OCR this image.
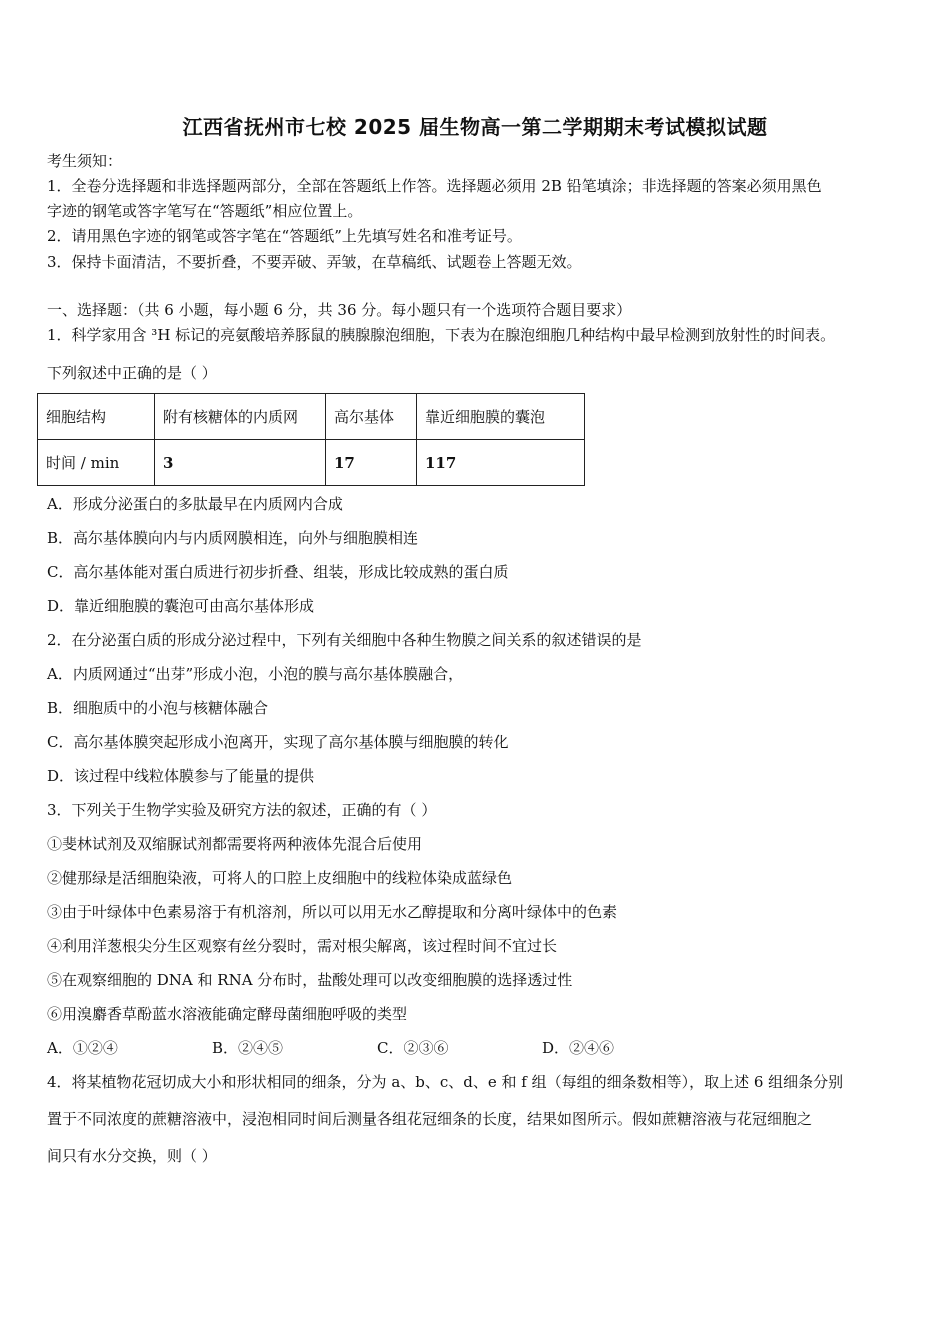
江西省抚州市七校 2025 届生物高一第二学期期末考试模拟试题
考生须知：
1．全卷分选择题和非选择题两部分，全部在答题纸上作答。选择题必须用 2B 铅笔填涂；非选择题的答案必须用黑色
字迹的钢笔或答字笔写在“答题纸”相应位置上。
2．请用黑色字迹的钢笔或答字笔在“答题纸”上先填写姓名和准考证号。
3．保持卡面清洁，不要折叠，不要弄破、弄皱，在草稿纸、试题卷上答题无效。
一、选择题：（共 6 小题，每小题 6 分，共 36 分。每小题只有一个选项符合题目要求）
1．科学家用含 ³H 标记的亮氨酸培养豚鼠的胰腺腺泡细胞，下表为在腺泡细胞几种结构中最早检测到放射性的时间表。
下列叙述中正确的是（ ）
细胞结构	附有核糖体的内质网	高尔基体	靠近细胞膜的囊泡
时间 / min	3	17	117
A．形成分泌蛋白的多肽最早在内质网内合成
B．高尔基体膜向内与内质网膜相连，向外与细胞膜相连
C．高尔基体能对蛋白质进行初步折叠、组装，形成比较成熟的蛋白质
D．靠近细胞膜的囊泡可由高尔基体形成
2．在分泌蛋白质的形成分泌过程中，下列有关细胞中各种生物膜之间关系的叙述错误的是
A．内质网通过“出芽”形成小泡，小泡的膜与高尔基体膜融合，
B．细胞质中的小泡与核糖体融合
C．高尔基体膜突起形成小泡离开，实现了高尔基体膜与细胞膜的转化
D．该过程中线粒体膜参与了能量的提供
3．下列关于生物学实验及研究方法的叙述，正确的有（ ）
①斐林试剂及双缩脲试剂都需要将两种液体先混合后使用
②健那绿是活细胞染液，可将人的口腔上皮细胞中的线粒体染成蓝绿色
③由于叶绿体中色素易溶于有机溶剂，所以可以用无水乙醇提取和分离叶绿体中的色素
④利用洋葱根尖分生区观察有丝分裂时，需对根尖解离，该过程时间不宜过长
⑤在观察细胞的 DNA 和 RNA 分布时，盐酸处理可以改变细胞膜的选择透过性
⑥用溴麝香草酚蓝水溶液能确定酵母菌细胞呼吸的类型
A．①②④	B．②④⑤	C．②③⑥	D．②④⑥
4．将某植物花冠切成大小和形状相同的细条，分为 a、b、c、d、e 和 f 组（每组的细条数相等），取上述 6 组细条分别
置于不同浓度的蔗糖溶液中，浸泡相同时间后测量各组花冠细条的长度，结果如图所示。假如蔗糖溶液与花冠细胞之
间只有水分交换，则（ ）
